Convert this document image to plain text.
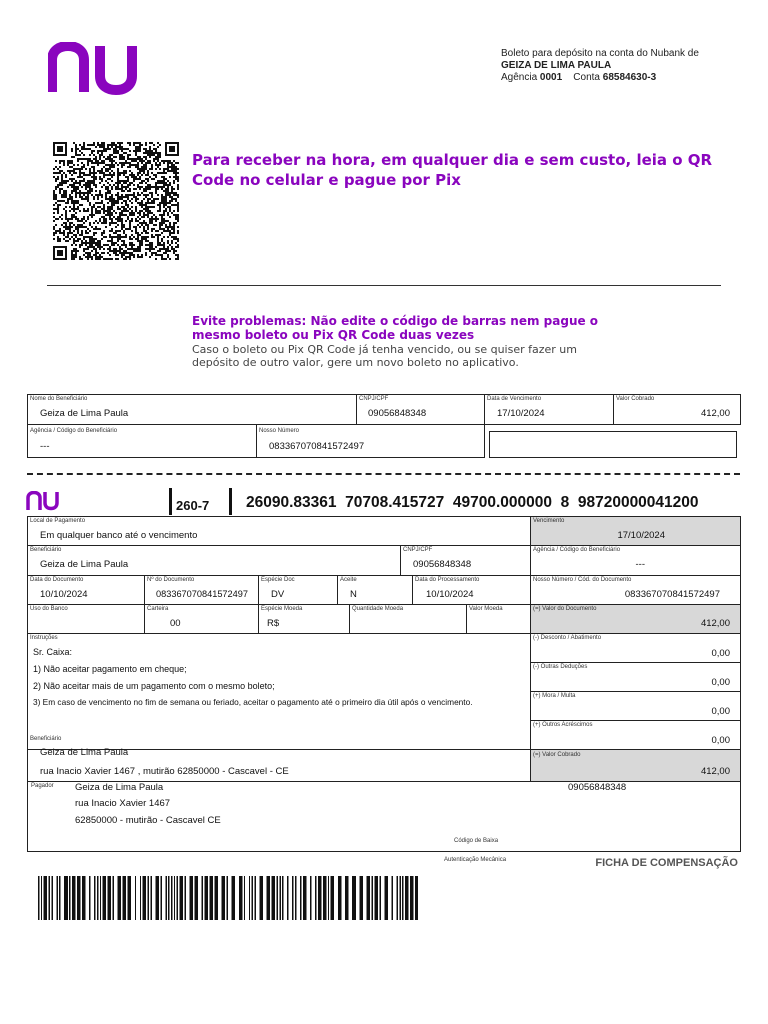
Boleto para depósito na conta do Nubank de
GEIZA DE LIMA PAULA
Agência 0001 Conta 68584630-3
Para receber na hora, em qualquer dia e sem custo, leia o QR Code no celular e pague por Pix
Evite problemas: Não edite o código de barras nem pague o mesmo boleto ou Pix QR Code duas vezes
Caso o boleto ou Pix QR Code já tenha vencido, ou se quiser fazer um depósito de outro valor, gere um novo boleto no aplicativo.
Nome do Beneficiário
Geiza de Lima Paula
CNPJ/CPF
09056848348
Data de Vencimento
17/10/2024
Valor Cobrado
412,00
Agência / Código do Beneficiário
---
Nosso Número
083367070841572497
260-7 26090.83361  70708.415727  49700.000000  8  98720000041200
Local de Pagamento
Em qualquer banco até o vencimento
Vencimento
17/10/2024
Beneficiário
Geiza de Lima Paula
CNPJ/CPF
09056848348
Agência / Código do Beneficiário
---
Data do Documento
10/10/2024
Nº do Documento
083367070841572497
Espécie Doc
DV
Aceite
N
Data do Processamento
10/10/2024
Nosso Número / Cód. do Documento
083367070841572497
Uso do Banco	Carteira
00
Espécie Moeda
R$
Quantidade Moeda	Valor Moeda	(=) Valor do Documento
412,00
Instruções
Sr. Caixa:
1) Não aceitar pagamento em cheque;
2) Não aceitar mais de um pagamento com o mesmo boleto;
3) Em caso de vencimento no fim de semana ou feriado, aceitar o pagamento até o primeiro dia útil após o vencimento.
(-) Desconto / Abatimento
0,00
(-) Outras Deduções
0,00
(+) Mora / Multa
0,00
(+) Outros Acréscimos
0,00
Beneficiário
Geiza de Lima Paula
rua Inacio Xavier 1467 , mutirão 62850000 - Cascavel - CE
(=) Valor Cobrado
412,00
Pagador Geiza de Lima Paula	09056848348
rua Inacio Xavier 1467
62850000 - mutirão - Cascavel CE
Código de Baixa
Autenticação Mecânica	FICHA DE COMPENSAÇÃO
